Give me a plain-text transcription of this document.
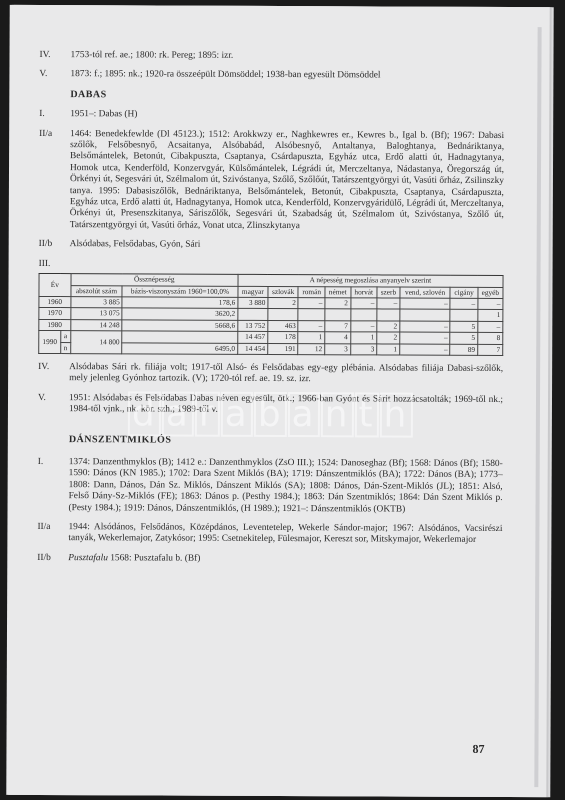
IV. 1753-tól ref. ae.; 1800: rk. Pereg; 1895: izr.
V. 1873: f.; 1895: nk.; 1920-ra összeépült Dömsöddel; 1938-ban egyesült Dömsöddel
DABAS
I.	1951–: Dabas (H)
II/a 1464: Benedekfewlde (Dl 45123.); 1512: Arokkwzy er., Naghkewres er., Kewres b., Igal b. (Bf); 1967: Dabasi szőlők, Felsőbesnyő, Acsaitanya, Alsóbabád, Alsóbesnyő, Antaltanya, Baloghtanya, Bednáriktanya, Belsőmántelek, Betonút, Cibakpuszta, Csaptanya, Csárdapuszta, Egyház utca, Erdő alatti út, Hadnagytanya, Homok utca, Kenderföld, Konzervgyár, Külsőmántelek, Légrádi út, Merczeltanya, Nádastanya, Öregország út, Örkényi út, Segesvári út, Szélmalom út, Szivóstanya, Szőlő, Szőlőút, Tatárszentgyörgyi út, Vasúti őrház, Zsilinszky tanya. 1995: Dabasiszőlők, Bednáriktanya, Belsőmántelek, Betonút, Cibakpuszta, Csaptanya, Csárdapuszta, Egyház utca, Erdő alatti út, Hadnagytanya, Homok utca, Kenderföld, Konzervgyáridülő, Légrádi út, Merczeltanya, Örkényi út, Presenszkitanya, Sáriszőlők, Segesvári út, Szabadság út, Szélmalom út, Szivóstanya, Szőlő út, Tatárszentgyörgyi út, Vasúti őrház, Vonat utca, Zlinszkytanya
II/b Alsódabas, Felsődabas, Gyón, Sári
III.
Év		Össznépesség		A népesség megoszlása anyanyelv szerint								
		abszolút szám	bázis-viszonyszám 1960=100,0%	magyar	szlovák	román	német	horvát	szerb	vend, szlovén	cigány	egyéb
1960		3 885	178,6	3 880	2	–	2	–	–	–	–	–
1970		13 075	3620,2									1
1980		14 248	5668,6	13 752	463	–	7	–	2	–	5	–
1990	a	14 800		14 457	178	1	4	1	2	–	5	8
	n		6495,0	14 454	191	12	3	3	1	–	89	7
IV. Alsódabas Sári rk. filiája volt; 1917-től Alsó- és Felsődabas egy-egy plébánia. Alsódabas filiája Dabasi-szőlők, mely jelenleg Gyónhoz tartozik. (V); 1720-tól ref. ae. 19. sz. izr.
V. 1951: Alsódabas és Felsődabas Dabas néven egyesült, ötk.; 1966-ban Gyónt és Sárit hozzácsatolták; 1969-től nk.; 1984-től vjnk., nk. kör. szh.; 1989-től v.
DÁNSZENTMIKLÓS
I.	1374: Danzenthmyklos (B); 1412 e.: Danzenthmyklos (ZsO III.); 1524: Danoseghaz (Bf); 1568: Dános (Bf); 1580-1590: Dános (KN 1985.); 1702: Dara Szent Miklós (BA); 1719: Dánszentmiklós (BA); 1722: Dános (BA); 1773–1808: Dann, Dános, Dán Sz. Miklós, Dánszent Miklós (SA); 1808: Dános, Dán-Szent-Miklós (JL); 1851: Alsó, Felső Dány-Sz-Miklós (FE); 1863: Dános p. (Pesthy 1984.); 1863: Dán Szentmiklós; 1864: Dán Szent Miklós p. (Pesty 1984.); 1919: Dános, Dánszentmiklós, (H 1989.); 1921–: Dánszentmiklós (OKTB)
II/a 1944: Alsódános, Felsődános, Középdános, Leventetelep, Wekerle Sándor-major; 1967: Alsódános, Vacsirészi tanyák, Wekerlemajor, Zatykósor; 1995: Csetnekitelep, Fülesmajor, Kereszt sor, Mitskymajor, Wekerlemajor
II/b Pusztafalu 1568: Pusztafalu b. (Bf)
87
d a r a b a n t h
